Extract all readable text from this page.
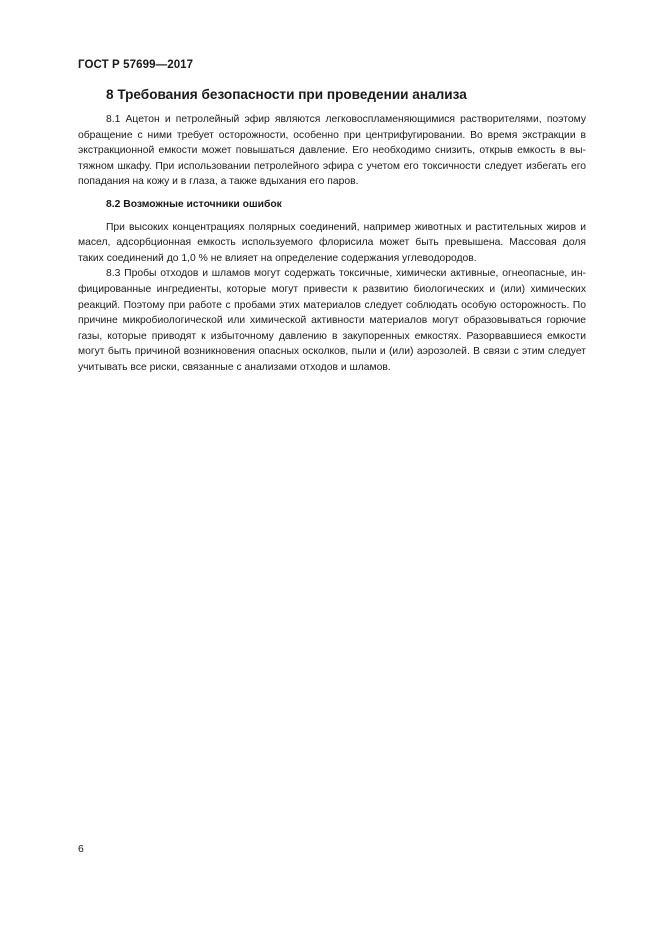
ГОСТ Р 57699—2017
8 Требования безопасности при проведении анализа

8.1 Ацетон и петролейный эфир являются легковоспламеняющимися растворителями, поэтому обращение с ними требует осторожности, особенно при центрифугировании. Во время экстракции в экстракционной емкости может повышаться давление. Его необходимо снизить, открыв емкость в вытяжном шкафу. При использовании петролейного эфира с учетом его токсичности следует избегать его попадания на кожу и в глаза, а также вдыхания его паров.

8.2 Возможные источники ошибок

При высоких концентрациях полярных соединений, например животных и растительных жиров и масел, адсорбционная емкость используемого флорисила может быть превышена. Массовая доля таких соединений до 1,0 % не влияет на определение содержания углеводородов.

8.3 Пробы отходов и шламов могут содержать токсичные, химически активные, огнеопасные, инфицированные ингредиенты, которые могут привести к развитию биологических и (или) химических реакций. Поэтому при работе с пробами этих материалов следует соблюдать особую осторожность. По причине микробиологической или химической активности материалов могут образовываться горючие газы, которые приводят к избыточному давлению в закупоренных емкостях. Разорвавшиеся емкости могут быть причиной возникновения опасных осколков, пыли и (или) аэрозолей. В связи с этим следует учитывать все риски, связанные с анализами отходов и шламов.

6
